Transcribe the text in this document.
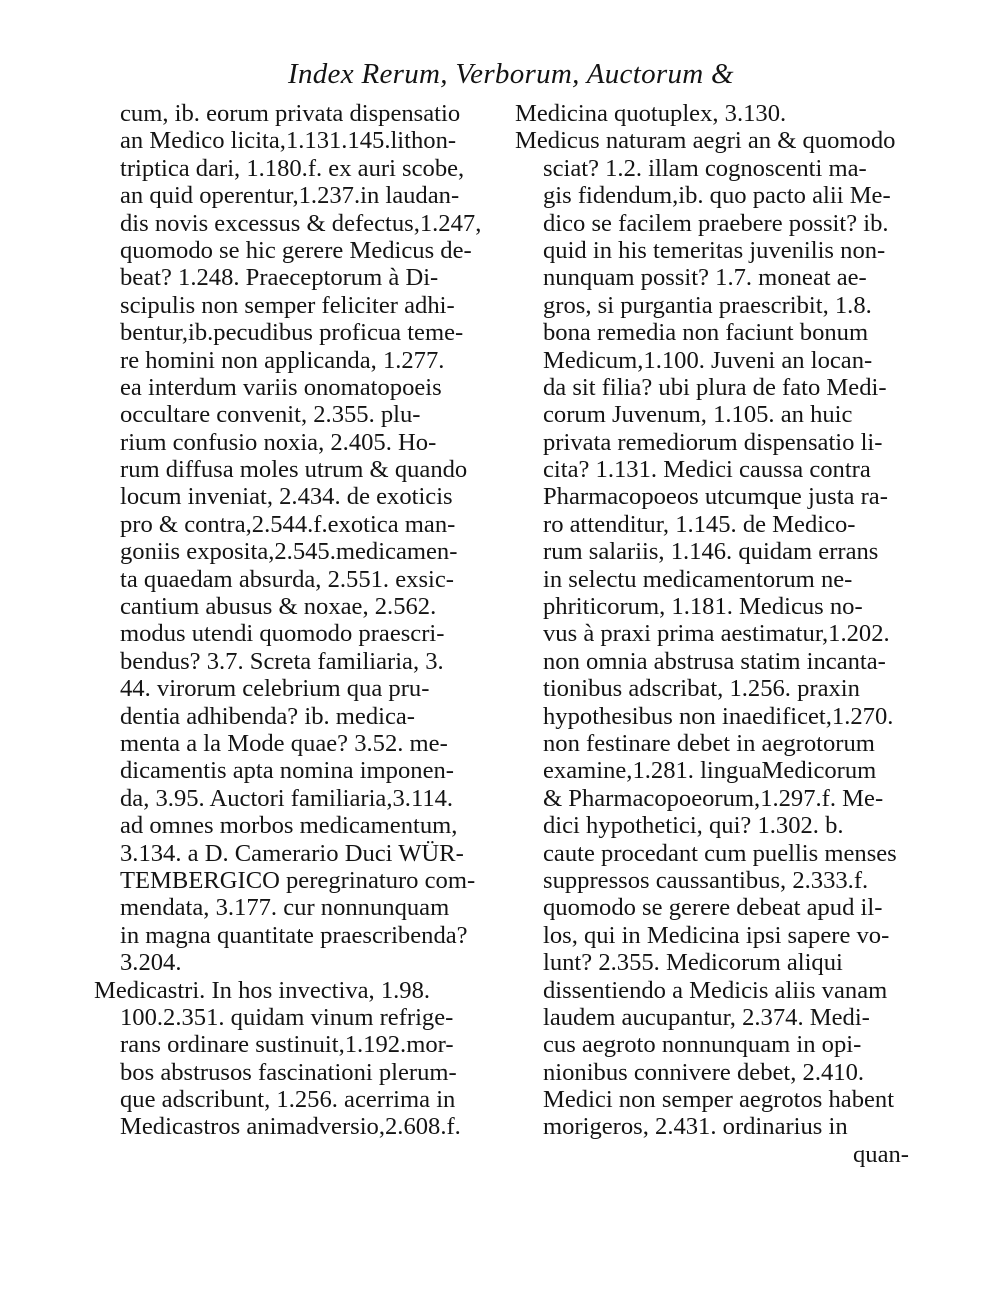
Index Rerum, Verborum, Auctorum &
cum, ib. eorum privata dispensatio
an Medico licita,1.131.145.lithon-
triptica dari, 1.180.f. ex auri scobe,
an quid operentur,1.237.in laudan-
dis novis excessus & defectus,1.247,
quomodo se hic gerere Medicus de-
beat? 1.248. Praeceptorum à Di-
scipulis non semper feliciter adhi-
bentur,ib.pecudibus proficua teme-
re homini non applicanda, 1.277.
ea interdum variis onomatopoeis
occultare convenit, 2.355. plu-
rium confusio noxia, 2.405. Ho-
rum diffusa moles utrum & quando
locum inveniat, 2.434. de exoticis
pro & contra,2.544.f.exotica man-
goniis exposita,2.545.medicamen-
ta quaedam absurda, 2.551. exsic-
cantium abusus & noxae, 2.562.
modus utendi quomodo praescri-
bendus? 3.7. Screta familiaria, 3.
44. virorum celebrium qua pru-
dentia adhibenda? ib. medica-
menta a la Mode quae? 3.52. me-
dicamentis apta nomina imponen-
da, 3.95. Auctori familiaria,3.114.
ad omnes morbos medicamentum,
3.134. a D. Camerario Duci WÜR-
TEMBERGICO peregrinaturo com-
mendata, 3.177. cur nonnunquam
in magna quantitate praescribenda?
3.204.
Medicastri. In hos invectiva, 1.98.
100.2.351. quidam vinum refrige-
rans ordinare sustinuit,1.192.mor-
bos abstrusos fascinationi plerum-
que adscribunt, 1.256. acerrima in
Medicastros animadversio,2.608.f.
Medicina quotuplex, 3.130.
Medicus naturam aegri an & quomodo
sciat? 1.2. illam cognoscenti ma-
gis fidendum,ib. quo pacto alii Me-
dico se facilem praebere possit? ib.
quid in his temeritas juvenilis non-
nunquam possit? 1.7. moneat ae-
gros, si purgantia praescribit, 1.8.
bona remedia non faciunt bonum
Medicum,1.100. Juveni an locan-
da sit filia? ubi plura de fato Medi-
corum Juvenum, 1.105. an huic
privata remediorum dispensatio li-
cita? 1.131. Medici caussa contra
Pharmacopoeos utcumque justa ra-
ro attenditur, 1.145. de Medico-
rum salariis, 1.146. quidam errans
in selectu medicamentorum ne-
phriticorum, 1.181. Medicus no-
vus à praxi prima aestimatur,1.202.
non omnia abstrusa statim incanta-
tionibus adscribat, 1.256. praxin
hypothesibus non inaedificet,1.270.
non festinare debet in aegrotorum
examine,1.281. linguaMedicorum
& Pharmacopoeorum,1.297.f. Me-
dici hypothetici, qui? 1.302. b.
caute procedant cum puellis menses
suppressos caussantibus, 2.333.f.
quomodo se gerere debeat apud il-
los, qui in Medicina ipsi sapere vo-
lunt? 2.355. Medicorum aliqui
dissentiendo a Medicis aliis vanam
laudem aucupantur, 2.374. Medi-
cus aegroto nonnunquam in opi-
nionibus connivere debet, 2.410.
Medici non semper aegrotos habent
morigeros, 2.431. ordinarius in
quan-
